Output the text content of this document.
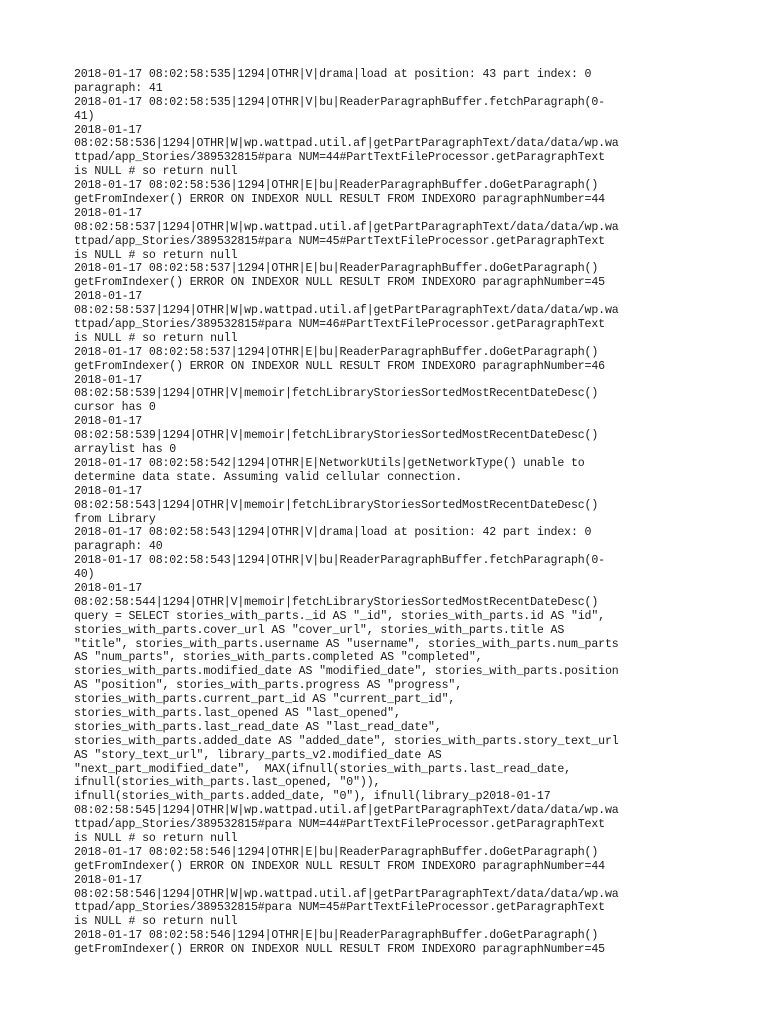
2018-01-17 08:02:58:535|1294|OTHR|V|drama|load at position: 43 part index: 0
paragraph: 41
2018-01-17 08:02:58:535|1294|OTHR|V|bu|ReaderParagraphBuffer.fetchParagraph(0-
41)
2018-01-17
08:02:58:536|1294|OTHR|W|wp.wattpad.util.af|getPartParagraphText/data/data/wp.wa
ttpad/app_Stories/389532815#para NUM=44#PartTextFileProcessor.getParagraphText
is NULL # so return null
2018-01-17 08:02:58:536|1294|OTHR|E|bu|ReaderParagraphBuffer.doGetParagraph()
getFromIndexer() ERROR ON INDEXOR NULL RESULT FROM INDEXORO paragraphNumber=44
2018-01-17
08:02:58:537|1294|OTHR|W|wp.wattpad.util.af|getPartParagraphText/data/data/wp.wa
ttpad/app_Stories/389532815#para NUM=45#PartTextFileProcessor.getParagraphText
is NULL # so return null
2018-01-17 08:02:58:537|1294|OTHR|E|bu|ReaderParagraphBuffer.doGetParagraph()
getFromIndexer() ERROR ON INDEXOR NULL RESULT FROM INDEXORO paragraphNumber=45
2018-01-17
08:02:58:537|1294|OTHR|W|wp.wattpad.util.af|getPartParagraphText/data/data/wp.wa
ttpad/app_Stories/389532815#para NUM=46#PartTextFileProcessor.getParagraphText
is NULL # so return null
2018-01-17 08:02:58:537|1294|OTHR|E|bu|ReaderParagraphBuffer.doGetParagraph()
getFromIndexer() ERROR ON INDEXOR NULL RESULT FROM INDEXORO paragraphNumber=46
2018-01-17
08:02:58:539|1294|OTHR|V|memoir|fetchLibraryStoriesSortedMostRecentDateDesc()
cursor has 0
2018-01-17
08:02:58:539|1294|OTHR|V|memoir|fetchLibraryStoriesSortedMostRecentDateDesc()
arraylist has 0
2018-01-17 08:02:58:542|1294|OTHR|E|NetworkUtils|getNetworkType() unable to
determine data state. Assuming valid cellular connection.
2018-01-17
08:02:58:543|1294|OTHR|V|memoir|fetchLibraryStoriesSortedMostRecentDateDesc()
from Library
2018-01-17 08:02:58:543|1294|OTHR|V|drama|load at position: 42 part index: 0
paragraph: 40
2018-01-17 08:02:58:543|1294|OTHR|V|bu|ReaderParagraphBuffer.fetchParagraph(0-
40)
2018-01-17
08:02:58:544|1294|OTHR|V|memoir|fetchLibraryStoriesSortedMostRecentDateDesc()
query = SELECT stories_with_parts._id AS "_id", stories_with_parts.id AS "id",
stories_with_parts.cover_url AS "cover_url", stories_with_parts.title AS
"title", stories_with_parts.username AS "username", stories_with_parts.num_parts
AS "num_parts", stories_with_parts.completed AS "completed",
stories_with_parts.modified_date AS "modified_date", stories_with_parts.position
AS "position", stories_with_parts.progress AS "progress",
stories_with_parts.current_part_id AS "current_part_id",
stories_with_parts.last_opened AS "last_opened",
stories_with_parts.last_read_date AS "last_read_date",
stories_with_parts.added_date AS "added_date", stories_with_parts.story_text_url
AS "story_text_url", library_parts_v2.modified_date AS
"next_part_modified_date",  MAX(ifnull(stories_with_parts.last_read_date,
ifnull(stories_with_parts.last_opened, "0")),
ifnull(stories_with_parts.added_date, "0"), ifnull(library_p2018-01-17
08:02:58:545|1294|OTHR|W|wp.wattpad.util.af|getPartParagraphText/data/data/wp.wa
ttpad/app_Stories/389532815#para NUM=44#PartTextFileProcessor.getParagraphText
is NULL # so return null
2018-01-17 08:02:58:546|1294|OTHR|E|bu|ReaderParagraphBuffer.doGetParagraph()
getFromIndexer() ERROR ON INDEXOR NULL RESULT FROM INDEXORO paragraphNumber=44
2018-01-17
08:02:58:546|1294|OTHR|W|wp.wattpad.util.af|getPartParagraphText/data/data/wp.wa
ttpad/app_Stories/389532815#para NUM=45#PartTextFileProcessor.getParagraphText
is NULL # so return null
2018-01-17 08:02:58:546|1294|OTHR|E|bu|ReaderParagraphBuffer.doGetParagraph()
getFromIndexer() ERROR ON INDEXOR NULL RESULT FROM INDEXORO paragraphNumber=45
